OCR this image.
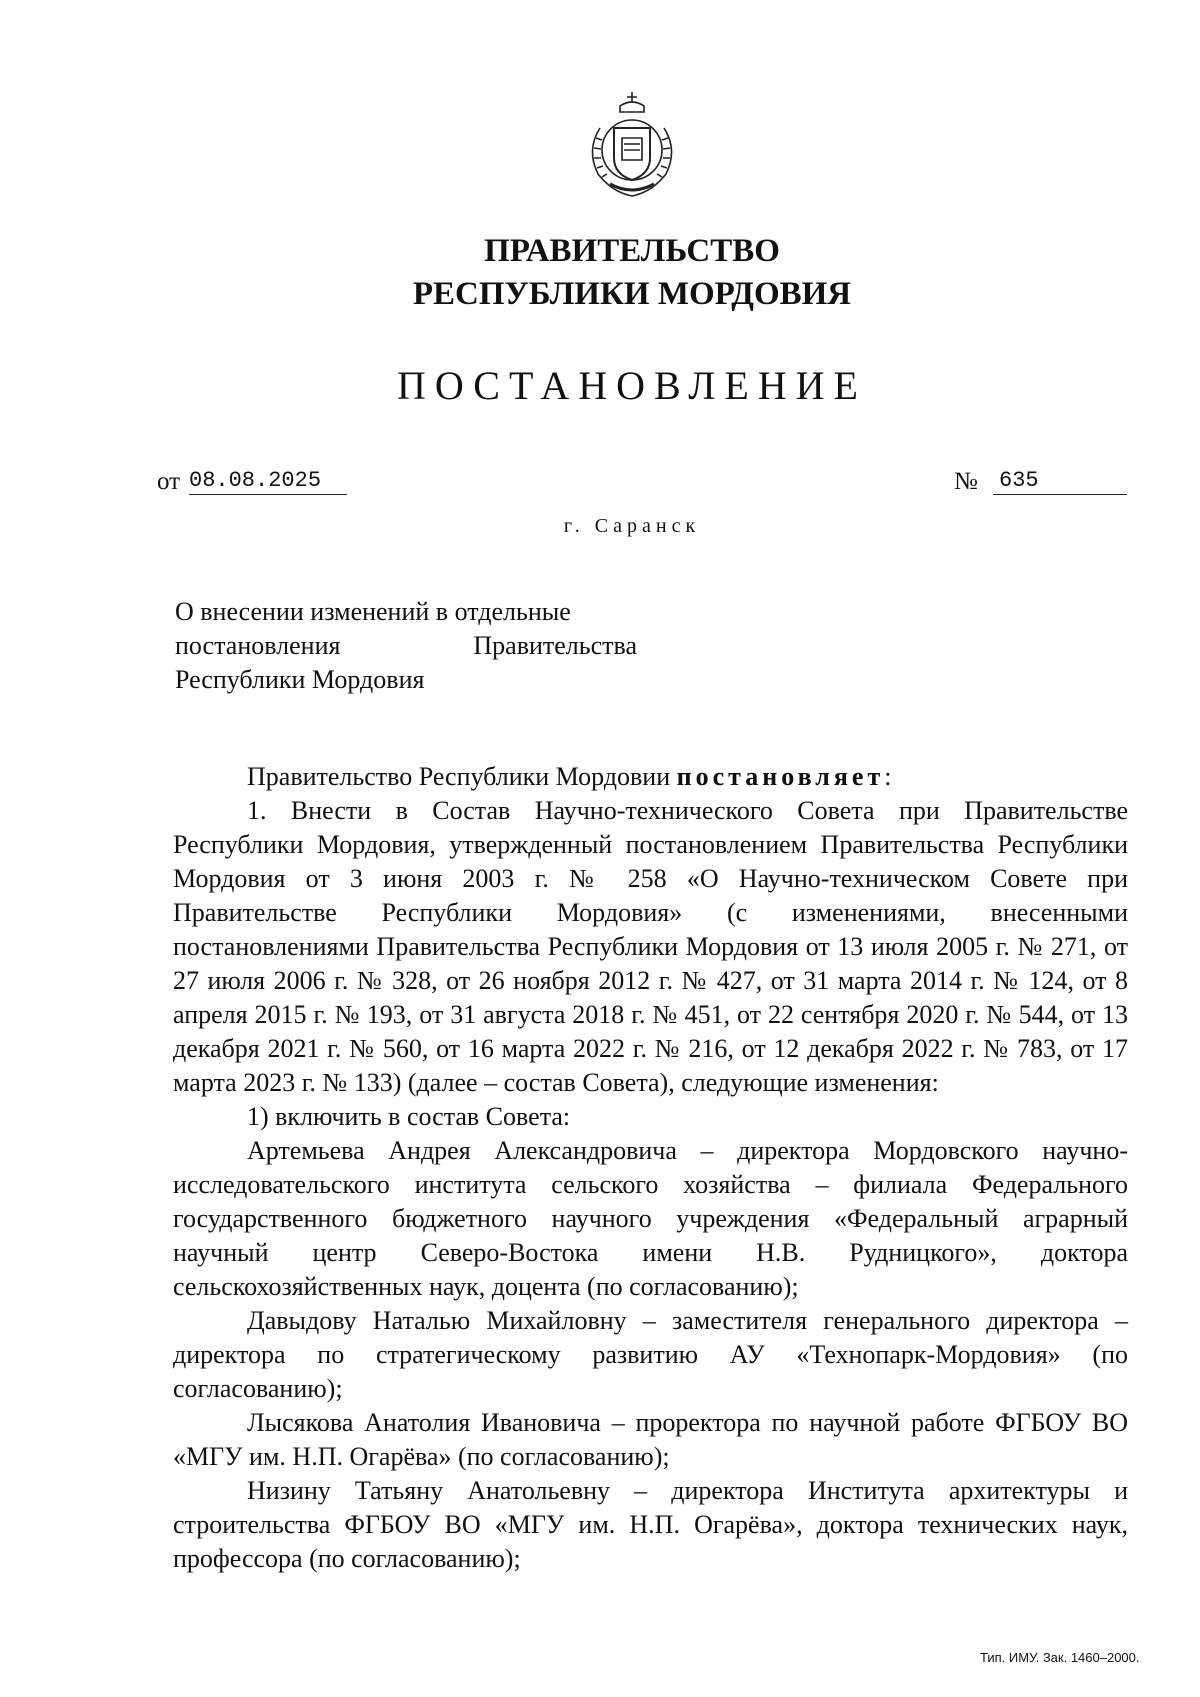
ПРАВИТЕЛЬСТВО
РЕСПУБЛИКИ МОРДОВИЯ
ПОСТАНОВЛЕНИЕ
от 08.08.2025	№ 635
г. Саранск
О внесении изменений в отдельные
постановления Правительства
Республики Мордовия

Правительство Республики Мордовии постановляет:

1. Внести в Состав Научно-технического Совета при Правительстве Республики Мордовия, утвержденный постановлением Правительства Республики Мордовия от 3 июня 2003 г. № 258 «О Научно-техническом Совете при Правительстве Республики Мордовия» (с изменениями, внесенными постановлениями Правительства Республики Мордовия от 13 июля 2005 г. № 271, от 27 июля 2006 г. № 328, от 26 ноября 2012 г. № 427, от 31 марта 2014 г. № 124, от 8 апреля 2015 г. № 193, от 31 августа 2018 г. № 451, от 22 сентября 2020 г. № 544, от 13 декабря 2021 г. № 560, от 16 марта 2022 г. № 216, от 12 декабря 2022 г. № 783, от 17 марта 2023 г. № 133) (далее – состав Совета), следующие изменения:

1) включить в состав Совета:

Артемьева Андрея Александровича – директора Мордовского научно-исследовательского института сельского хозяйства – филиала Федерального государственного бюджетного научного учреждения «Федеральный аграрный научный центр Северо-Востока имени Н.В. Рудницкого», доктора сельскохозяйственных наук, доцента (по согласованию);

Давыдову Наталью Михайловну – заместителя генерального директора – директора по стратегическому развитию АУ «Технопарк-Мордовия» (по согласованию);

Лысякова Анатолия Ивановича – проректора по научной работе ФГБОУ ВО «МГУ им. Н.П. Огарёва» (по согласованию);

Низину Татьяну Анатольевну – директора Института архитектуры и строительства ФГБОУ ВО «МГУ им. Н.П. Огарёва», доктора технических наук, профессора (по согласованию);

Тип. ИМУ. Зак. 1460–2000.
